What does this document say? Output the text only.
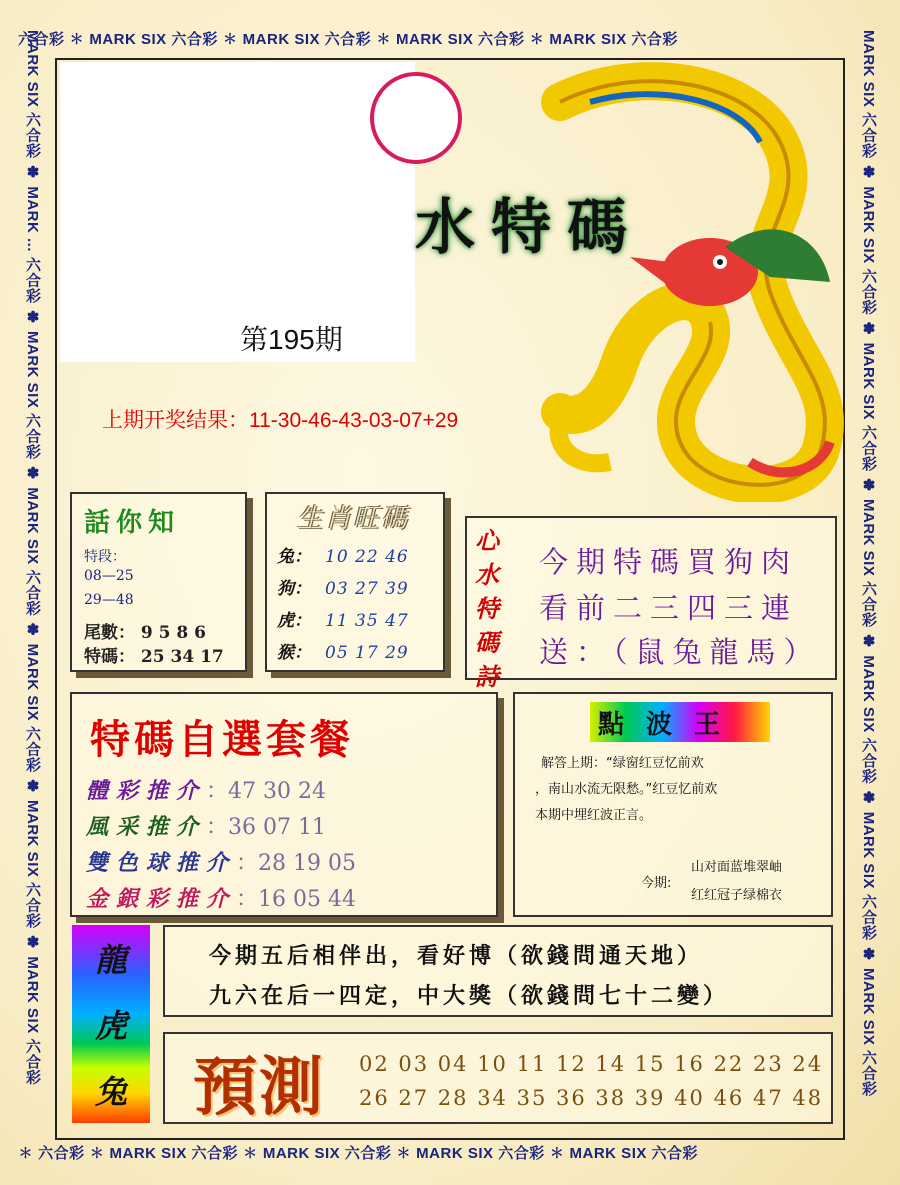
六合彩 ✽ MARK SIX 六合彩 ✽ MARK SIX 六合彩 ✽ MARK SIX 六合彩 ✽ MARK SIX 六合彩
✽ 六合彩 ✽ MARK SIX 六合彩 ✽ MARK SIX 六合彩 ✽ MARK SIX 六合彩 ✽ MARK SIX 六合彩
MARK SIX 六合彩 ✽ MARK ... 六合彩 ✽ MARK SIX 六合彩 ✽ MARK SIX 六合彩 ✽ MARK SIX 六合彩 ✽ MARK SIX 六合彩 ✽ MARK SIX 六合彩	MARK SIX 六合彩 ✽ MARK SIX 六合彩 ✽ MARK SIX 六合彩 ✽ MARK SIX 六合彩 ✽ MARK SIX 六合彩 ✽ MARK SIX 六合彩 ✽ MARK SIX 六合彩
水特碼
第195期
上期开奖结果：11-30-46-43-03-07+29
話你知
特段：
08—25
29—48
尾數： 9 5 8 6
特碼： 25 34 17
生肖旺碼
兔： 10 22 46
狗： 03 27 39
虎： 11 35 47
猴： 05 17 29
心水特碼詩
今期特碼買狗肉
看前二三四三連
送：（鼠兔龍馬）
特碼自選套餐
體彩推介：47 30 24
風采推介：36 07 11
雙色球推介：28 19 05
金銀彩推介：16 05 44
點波王
解答上期：“绿窗红豆忆前欢
，南山水流无限愁。”红豆忆前欢
本期中埋红波正言。
今期:
山对面蓝堆翠岫
红红冠子绿棉衣
龍
虎
兔
今期五后相伴出，看好博（欲錢問通天地）
九六在后一四定，中大獎（欲錢問七十二變）
預測 02 03 04 10 11 12 14 15 16 22 23 24
26 27 28 34 35 36 38 39 40 46 47 48
